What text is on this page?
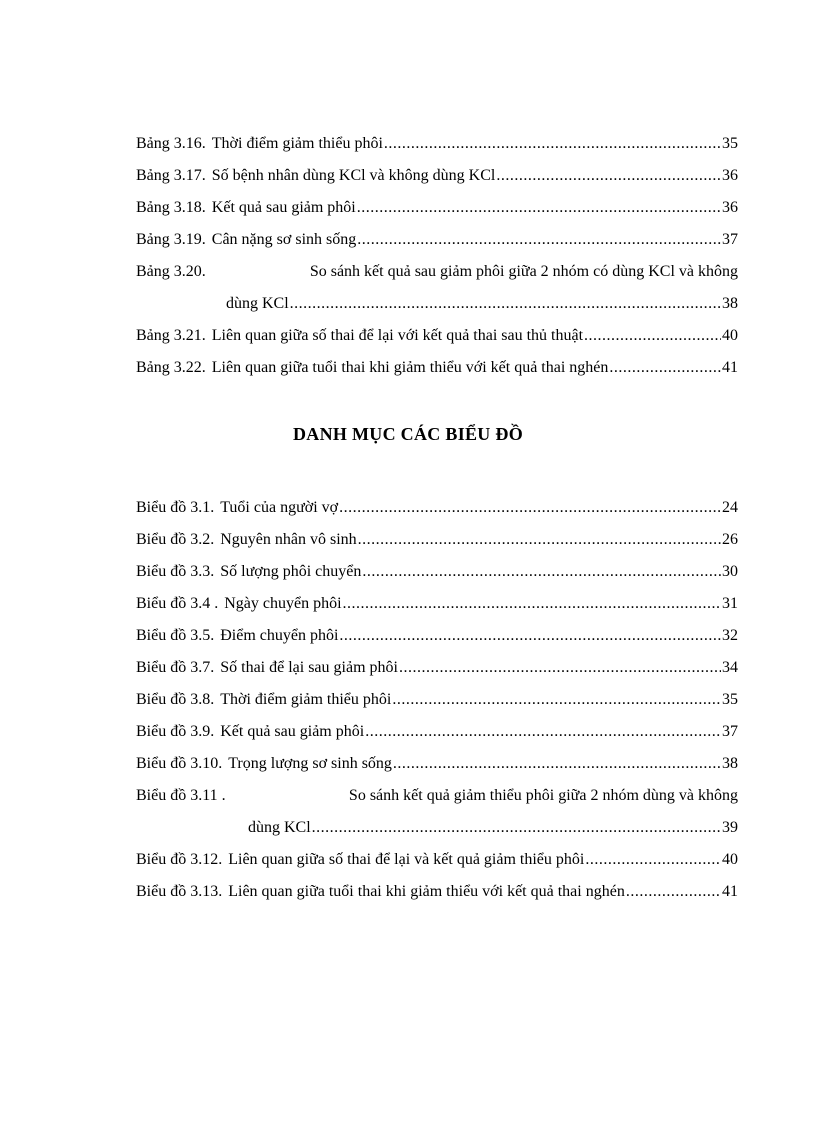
Bảng 3.16. Thời điểm giảm thiểu phôi .....	35
Bảng 3.17. Số bệnh nhân dùng KCl và không dùng KCl .....	36
Bảng 3.18. Kết quả sau giảm phôi .....	36
Bảng 3.19. Cân nặng sơ sinh sống .....	37
Bảng 3.20.	So sánh kết quả sau giảm phôi giữa 2 nhóm có dùng KCl và không
dùng KCl .....	38
Bảng 3.21. Liên quan giữa số thai để lại với kết quả thai sau thủ thuật .....	40
Bảng 3.22. Liên quan giữa tuổi thai khi giảm thiểu với kết quả thai nghén .....	41
DANH MỤC CÁC BIỂU ĐỒ
Biểu đồ 3.1. Tuổi của người vợ .....	24
Biểu đồ 3.2. Nguyên nhân vô sinh .....	26
Biểu đồ 3.3. Số lượng phôi chuyển .....	30
Biểu đồ 3.4 . Ngày chuyển phôi .....	31
Biểu đồ 3.5. Điểm chuyển phôi .....	32
Biểu đồ 3.7. Số thai để lại sau giảm phôi .....	34
Biểu đồ 3.8. Thời điểm giảm thiểu phôi .....	35
Biểu đồ 3.9. Kết quả sau giảm phôi .....	37
Biểu đồ 3.10. Trọng lượng sơ sinh sống .....	38
Biểu đồ 3.11 .	So sánh kết quả giảm thiểu phôi giữa 2 nhóm dùng và không
dùng KCl .....	39
Biểu đồ 3.12. Liên quan giữa số thai để lại và kết quả giảm thiểu phôi .....	40
Biểu đồ 3.13. Liên quan giữa tuổi thai khi giảm thiểu với kết quả thai nghén .....	41
